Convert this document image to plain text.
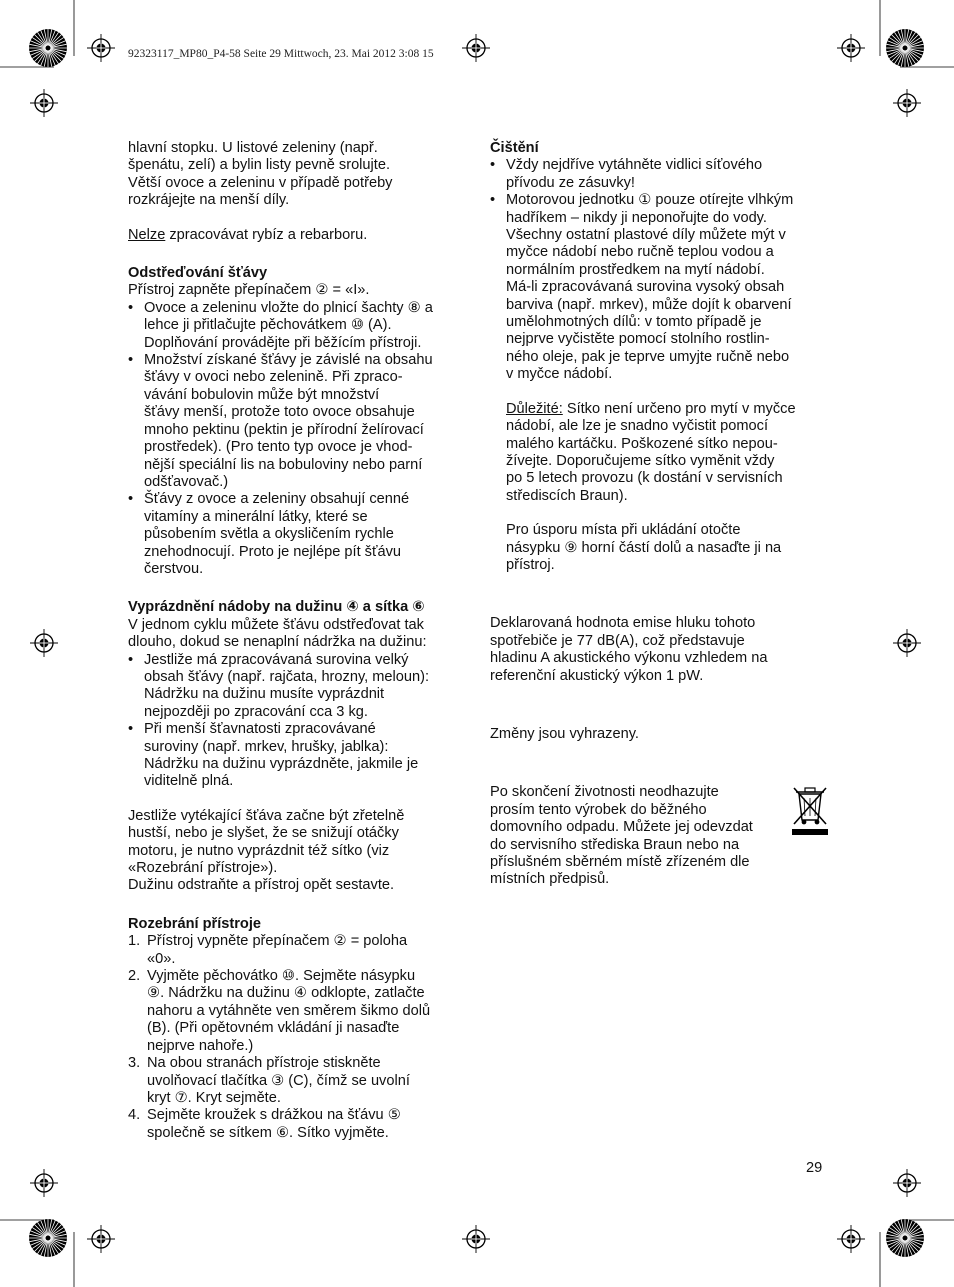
92323117_MP80_P4-58 Seite 29 Mittwoch, 23. Mai 2012 3:08 15

hlavní stopku. U listové zeleniny (např.
špenátu, zelí) a bylin listy pevně srolujte.
Větší ovoce a zeleninu v případě potřeby
rozkrájejte na menší díly.

Nelze zpracovávat rybíz a rebarboru.

Odstřeďování šťávy

Přístroj zapněte přepínačem ② = «I».

• Ovoce a zeleninu vložte do plnicí šachty ⑧ a
lehce ji přitlačujte pěchovátkem ⑩ (A).
Doplňování provádějte při běžícím přístroji.
• Množství získané šťávy je závislé na obsahu
šťávy v ovoci nebo zelenině. Při zpraco-
vávání bobulovin může být množství
šťávy menší, protože toto ovoce obsahuje
mnoho pektinu (pektin je přírodní želírovací
prostředek). (Pro tento typ ovoce je vhod-
nější speciální lis na bobuloviny nebo parní
odšťavovač.)
• Šťávy z ovoce a zeleniny obsahují cenné
vitamíny a minerální látky, které se
působením světla a okysličením rychle
znehodnocují. Proto je nejlépe pít šťávu
čerstvou.

Vyprázdnění nádoby na dužinu ④ a sítka ⑥

V jednom cyklu můžete šťávu odstřeďovat tak
dlouho, dokud se nenaplní nádržka na dužinu:

• Jestliže má zpracovávaná surovina velký
obsah šťávy (např. rajčata, hrozny, meloun):
Nádržku na dužinu musíte vyprázdnit
nejpozději po zpracování cca 3 kg.
• Při menší šťavnatosti zpracovávané
suroviny (např. mrkev, hrušky, jablka):
Nádržku na dužinu vyprázdněte, jakmile je
viditelně plná.

Jestliže vytékající šťáva začne být zřetelně
hustší, nebo je slyšet, že se snižují otáčky
motoru, je nutno vyprázdnit též sítko (viz
«Rozebrání přístroje»).
Dužinu odstraňte a přístroj opět sestavte.

Rozebrání přístroje

1. Přístroj vypněte přepínačem ② = poloha
«0».
2. Vyjměte pěchovátko ⑩. Sejměte násypku
⑨. Nádržku na dužinu ④ odklopte, zatlačte
nahoru a vytáhněte ven směrem šikmo dolů
(B). (Při opětovném vkládání ji nasaďte
nejprve nahoře.)
3. Na obou stranách přístroje stiskněte
uvolňovací tlačítka ③ (C), čímž se uvolní
kryt ⑦. Kryt sejměte.
4. Sejměte kroužek s drážkou na šťávu ⑤
společně se sítkem ⑥. Sítko vyjměte.

Čištění

• Vždy nejdříve vytáhněte vidlici síťového
přívodu ze zásuvky!
• Motorovou jednotku ① pouze otírejte vlhkým
hadříkem – nikdy ji neponořujte do vody.
Všechny ostatní plastové díly můžete mýt v
myčce nádobí nebo ručně teplou vodou a
normálním prostředkem na mytí nádobí.
Má-li zpracovávaná surovina vysoký obsah
barviva (např. mrkev), může dojít k obarvení
umělohmotných dílů: v tomto případě je
nejprve vyčistěte pomocí stolního rostlin-
ného oleje, pak je teprve umyjte ručně nebo
v myčce nádobí.

Důležité: Sítko není určeno pro mytí v myčce
nádobí, ale lze je snadno vyčistit pomocí
malého kartáčku. Poškozené sítko nepou-
žívejte. Doporučujeme sítko vyměnit vždy
po 5 letech provozu (k dostání v servisních
střediscích Braun).

Pro úsporu místa při ukládání otočte
násypku ⑨ horní částí dolů a nasaďte ji na
přístroj.

Deklarovaná hodnota emise hluku tohoto
spotřebiče je 77 dB(A), což představuje
hladinu A akustického výkonu vzhledem na
referenční akustický výkon 1 pW.

Změny jsou vyhrazeny.

Po skončení životnosti neodhazujte
prosím tento výrobek do běžného
domovního odpadu. Můžete jej odevzdat
do servisního střediska Braun nebo na
příslušném sběrném místě zřízeném dle
místních předpisů.

29
